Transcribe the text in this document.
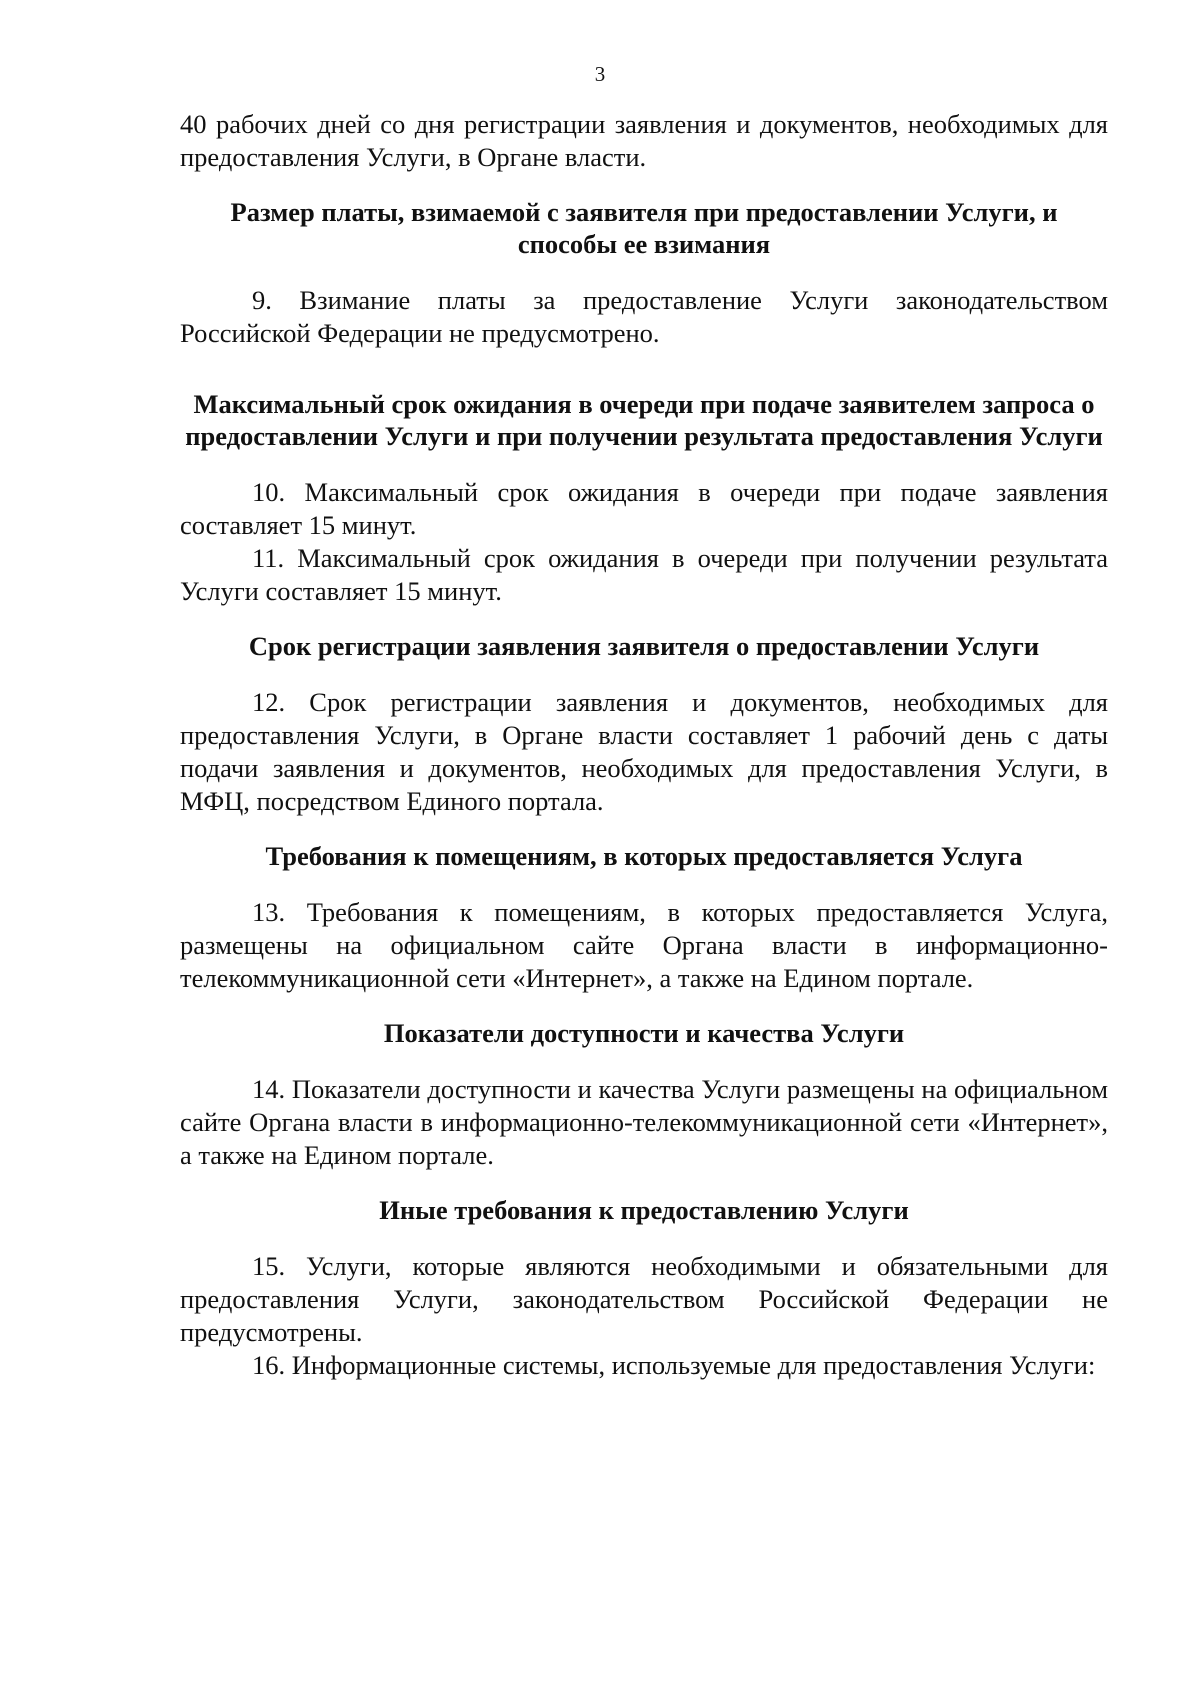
3

40 рабочих дней со дня регистрации заявления и документов, необходимых для предоставления Услуги, в Органе власти.

Размер платы, взимаемой с заявителя при предоставлении Услуги, и способы ее взимания

9. Взимание платы за предоставление Услуги законодательством Российской Федерации не предусмотрено.

Максимальный срок ожидания в очереди при подаче заявителем запроса о предоставлении Услуги и при получении результата предоставления Услуги

10. Максимальный срок ожидания в очереди при подаче заявления составляет 15 минут.

11. Максимальный срок ожидания в очереди при получении результата Услуги составляет 15 минут.

Срок регистрации заявления заявителя о предоставлении Услуги

12. Срок регистрации заявления и документов, необходимых для предоставления Услуги, в Органе власти составляет 1 рабочий день с даты подачи заявления и документов, необходимых для предоставления Услуги, в МФЦ, посредством Единого портала.

Требования к помещениям, в которых предоставляется Услуга

13. Требования к помещениям, в которых предоставляется Услуга, размещены на официальном сайте Органа власти в информационно-телекоммуникационной сети «Интернет», а также на Едином портале.

Показатели доступности и качества Услуги

14. Показатели доступности и качества Услуги размещены на официальном сайте Органа власти в информационно-телекоммуникационной сети «Интернет», а также на Едином портале.

Иные требования к предоставлению Услуги

15. Услуги, которые являются необходимыми и обязательными для предоставления Услуги, законодательством Российской Федерации не предусмотрены.

16. Информационные системы, используемые для предоставления Услуги:
